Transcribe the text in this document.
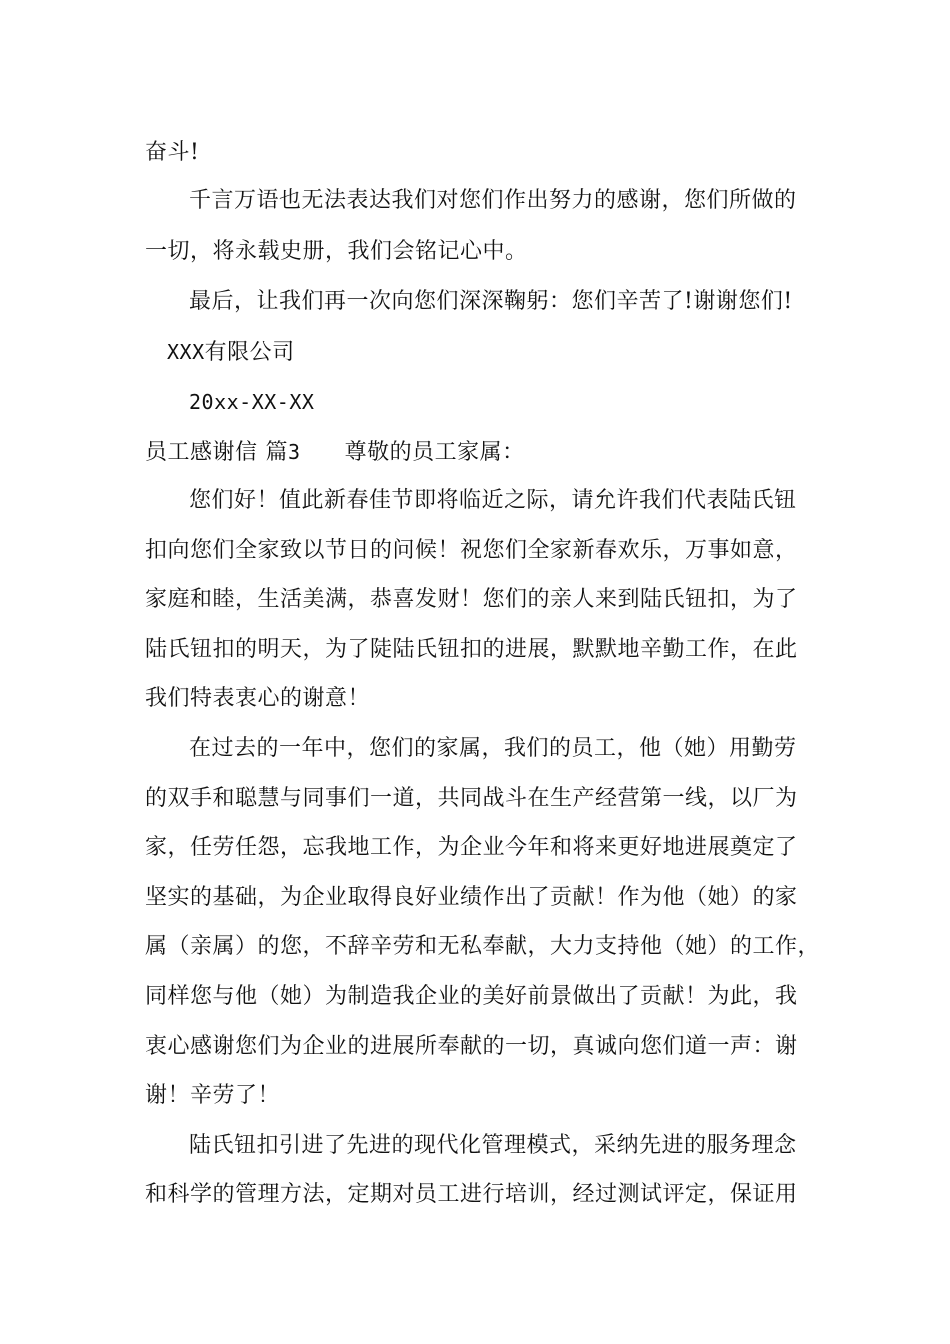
奋斗!
千言万语也无法表达我们对您们作出努力的感谢，您们所做的
一切，将永载史册，我们会铭记心中。
最后，让我们再一次向您们深深鞠躬：您们辛苦了!谢谢您们!
XXX有限公司
20xx-XX-XX
员工感谢信 篇3 尊敬的员工家属：
您们好！值此新春佳节即将临近之际，请允许我们代表陆氏钮
扣向您们全家致以节日的问候！祝您们全家新春欢乐，万事如意，
家庭和睦，生活美满，恭喜发财！您们的亲人来到陆氏钮扣，为了
陆氏钮扣的明天，为了陡陆氏钮扣的进展，默默地辛勤工作，在此
我们特表衷心的谢意！
在过去的一年中，您们的家属，我们的员工，他（她）用勤劳
的双手和聪慧与同事们一道，共同战斗在生产经营第一线，以厂为
家，任劳任怨，忘我地工作，为企业今年和将来更好地进展奠定了
坚实的基础，为企业取得良好业绩作出了贡献！作为他（她）的家
属（亲属）的您，不辞辛劳和无私奉献，大力支持他（她）的工作，
同样您与他（她）为制造我企业的美好前景做出了贡献！为此，我
衷心感谢您们为企业的进展所奉献的一切，真诚向您们道一声：谢
谢！辛劳了！
陆氏钮扣引进了先进的现代化管理模式，采纳先进的服务理念
和科学的管理方法，定期对员工进行培训，经过测试评定，保证用
